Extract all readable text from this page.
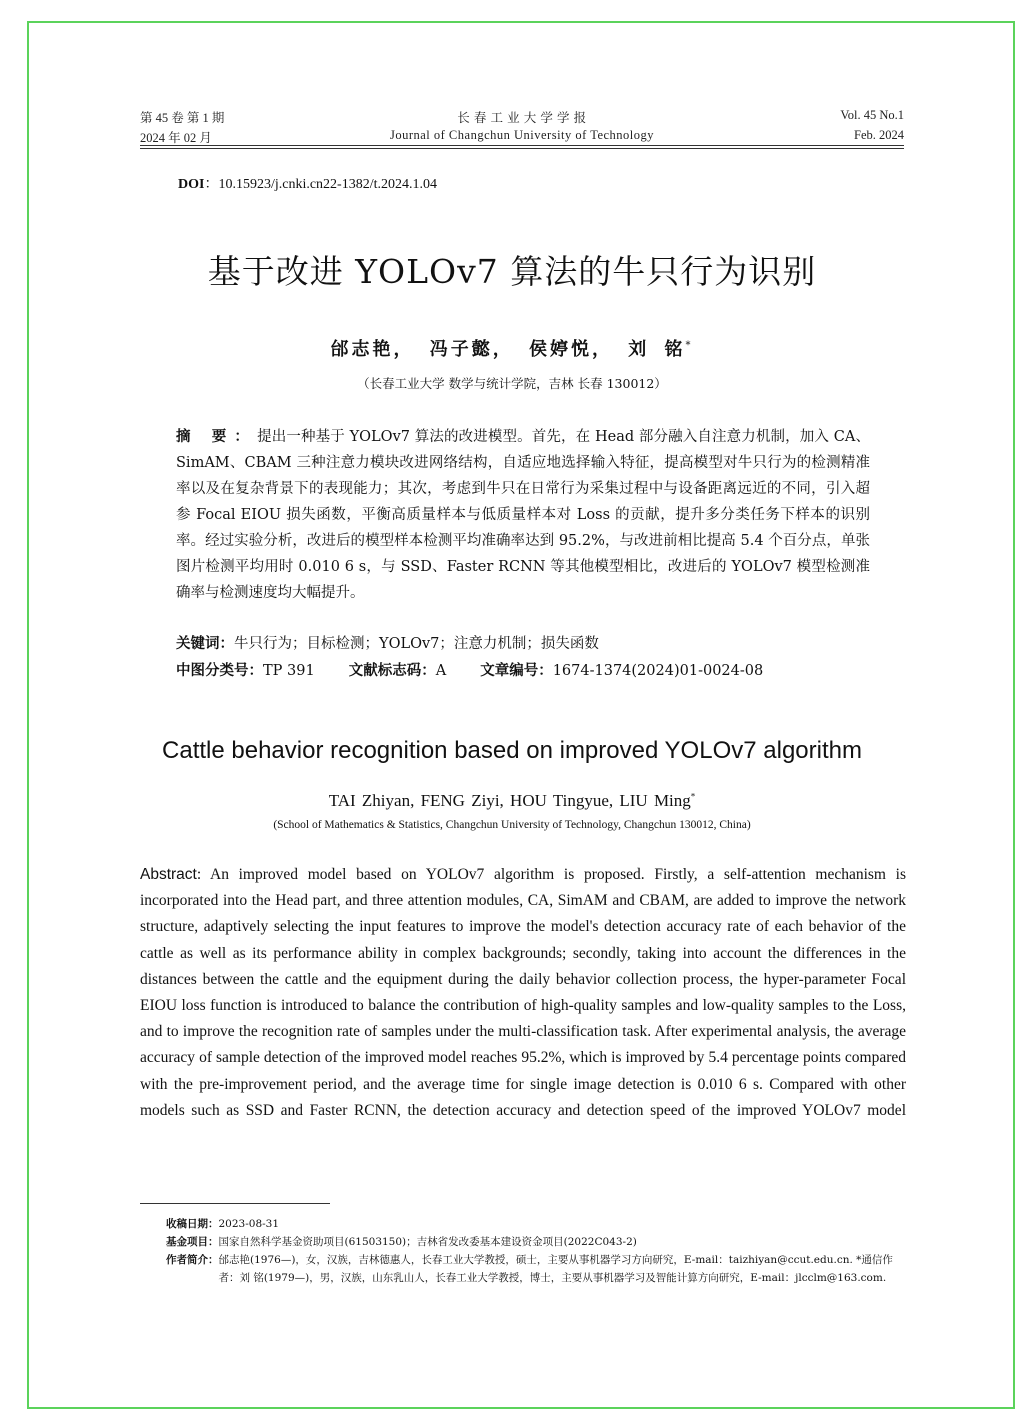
第 45 卷 第 1 期	长 春 工 业 大 学 学 报	Vol. 45 No.1
2024 年 02 月	Journal of Changchun University of Technology	Feb. 2024
DOI：10.15923/j.cnki.cn22-1382/t.2024.1.04
基于改进 YOLOv7 算法的牛只行为识别
邰志艳， 冯子懿， 侯婷悦， 刘 铭*
（长春工业大学 数学与统计学院，吉林 长春 130012）
摘 要：提出一种基于 YOLOv7 算法的改进模型。首先，在 Head 部分融入自注意力机制，加入 CA、SimAM、CBAM 三种注意力模块改进网络结构，自适应地选择输入特征，提高模型对牛只行为的检测精准率以及在复杂背景下的表现能力；其次，考虑到牛只在日常行为采集过程中与设备距离远近的不同，引入超参 Focal EIOU 损失函数，平衡高质量样本与低质量样本对 Loss 的贡献，提升多分类任务下样本的识别率。经过实验分析，改进后的模型样本检测平均准确率达到 95.2%，与改进前相比提高 5.4 个百分点，单张图片检测平均用时 0.010 6 s，与 SSD、Faster RCNN 等其他模型相比，改进后的 YOLOv7 模型检测准确率与检测速度均大幅提升。
关键词：牛只行为；目标检测；YOLOv7；注意力机制；损失函数
中图分类号：TP 391 文献标志码：A 文章编号：1674-1374(2024)01-0024-08
Cattle behavior recognition based on improved YOLOv7 algorithm
TAI Zhiyan, FENG Ziyi, HOU Tingyue, LIU Ming*
(School of Mathematics & Statistics, Changchun University of Technology, Changchun 130012, China)
Abstract: An improved model based on YOLOv7 algorithm is proposed. Firstly, a self-attention mechanism is incorporated into the Head part, and three attention modules, CA, SimAM and CBAM, are added to improve the network structure, adaptively selecting the input features to improve the model's detection accuracy rate of each behavior of the cattle as well as its performance ability in complex backgrounds; secondly, taking into account the differences in the distances between the cattle and the equipment during the daily behavior collection process, the hyper-parameter Focal EIOU loss function is introduced to balance the contribution of high-quality samples and low-quality samples to the Loss, and to improve the recognition rate of samples under the multi-classification task. After experimental analysis, the average accuracy of sample detection of the improved model reaches 95.2%, which is improved by 5.4 percentage points compared with the pre-improvement period, and the average time for single image detection is 0.010 6 s. Compared with other models such as SSD and Faster RCNN, the detection accuracy and detection speed of the improved YOLOv7 model
收稿日期： 2023-08-31
基金项目： 国家自然科学基金资助项目(61503150)；吉林省发改委基本建设资金项目(2022C043-2)
作者简介： 邰志艳(1976—)，女，汉族，吉林德惠人，长春工业大学教授，硕士，主要从事机器学习方向研究，E-mail：taizhiyan@ccut.edu.cn. *通信作者：刘 铭(1979—)，男，汉族，山东乳山人，长春工业大学教授，博士，主要从事机器学习及智能计算方向研究，E-mail：jlcclm@163.com.
